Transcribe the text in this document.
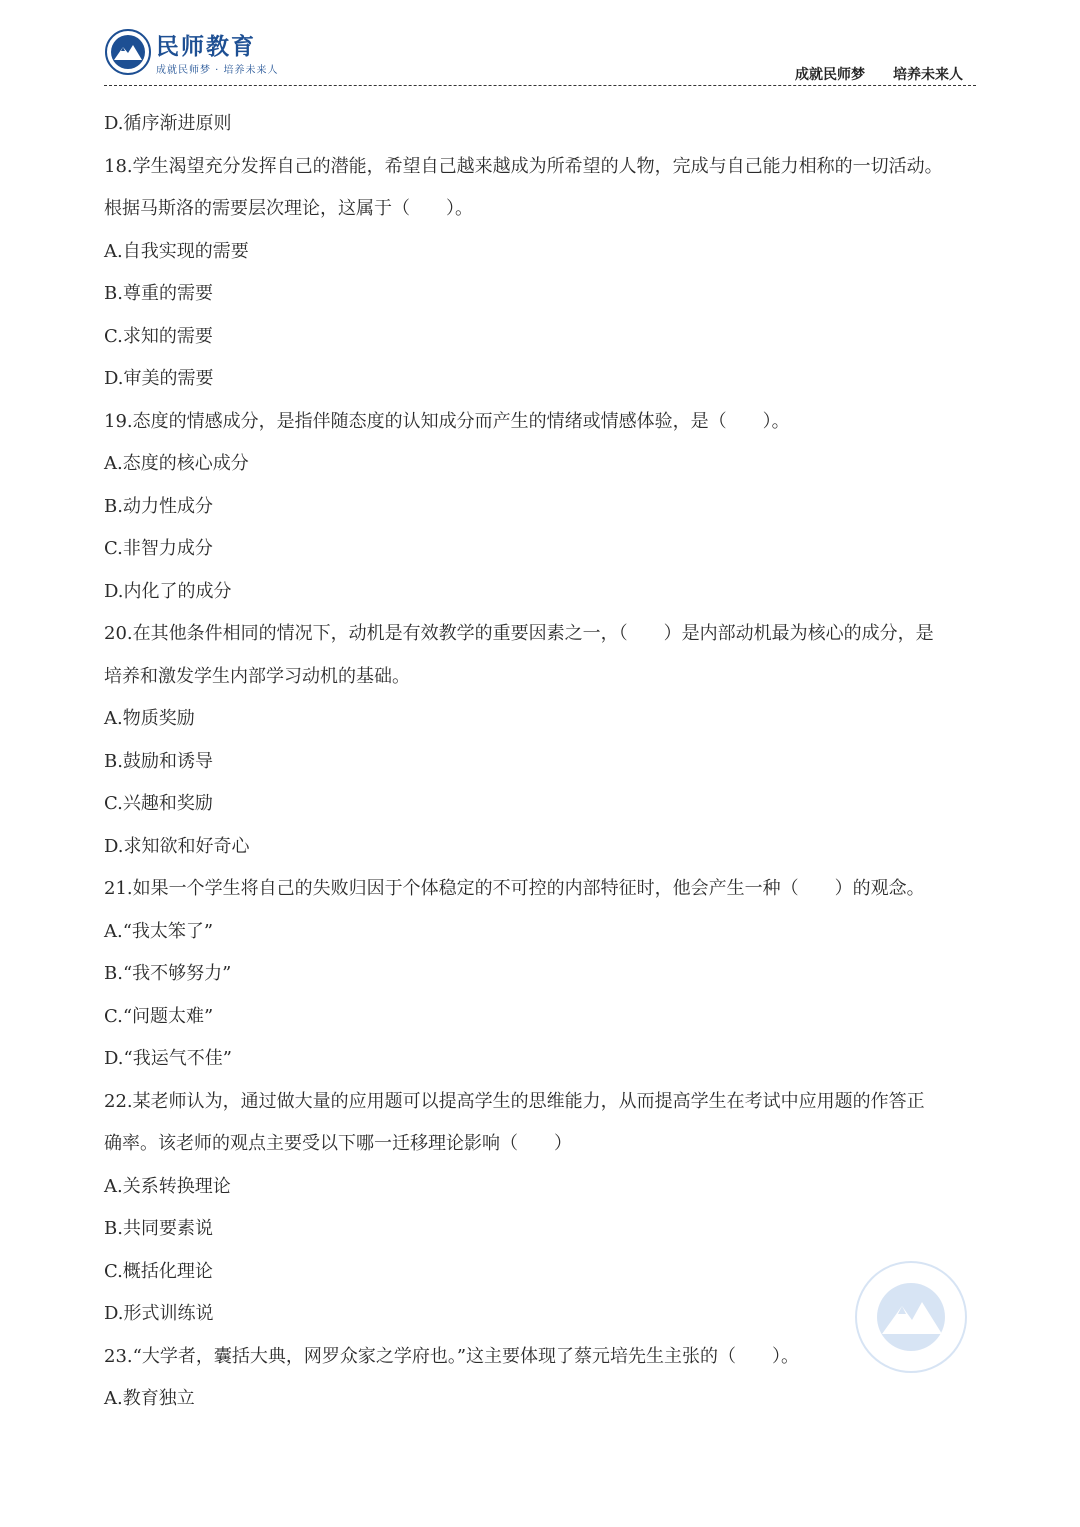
民师教育
成就民师梦 · 培养未来人	成就民师梦 培养未来人
D.循序渐进原则
18.学生渴望充分发挥自己的潜能，希望自己越来越成为所希望的人物，完成与自己能力相称的一切活动。
根据马斯洛的需要层次理论，这属于（　　）。
A.自我实现的需要
B.尊重的需要
C.求知的需要
D.审美的需要
19.态度的情感成分，是指伴随态度的认知成分而产生的情绪或情感体验，是（　　）。
A.态度的核心成分
B.动力性成分
C.非智力成分
D.内化了的成分
20.在其他条件相同的情况下，动机是有效教学的重要因素之一，（　　）是内部动机最为核心的成分，是
培养和激发学生内部学习动机的基础。
A.物质奖励
B.鼓励和诱导
C.兴趣和奖励
D.求知欲和好奇心
21.如果一个学生将自己的失败归因于个体稳定的不可控的内部特征时，他会产生一种（　　）的观念。
A.“我太笨了”
B.“我不够努力”
C.“问题太难”
D.“我运气不佳”
22.某老师认为，通过做大量的应用题可以提高学生的思维能力，从而提高学生在考试中应用题的作答正
确率。该老师的观点主要受以下哪一迁移理论影响（　　）
A.关系转换理论
B.共同要素说
C.概括化理论
D.形式训练说
23.“大学者，囊括大典，网罗众家之学府也。”这主要体现了蔡元培先生主张的（　　）。
A.教育独立
